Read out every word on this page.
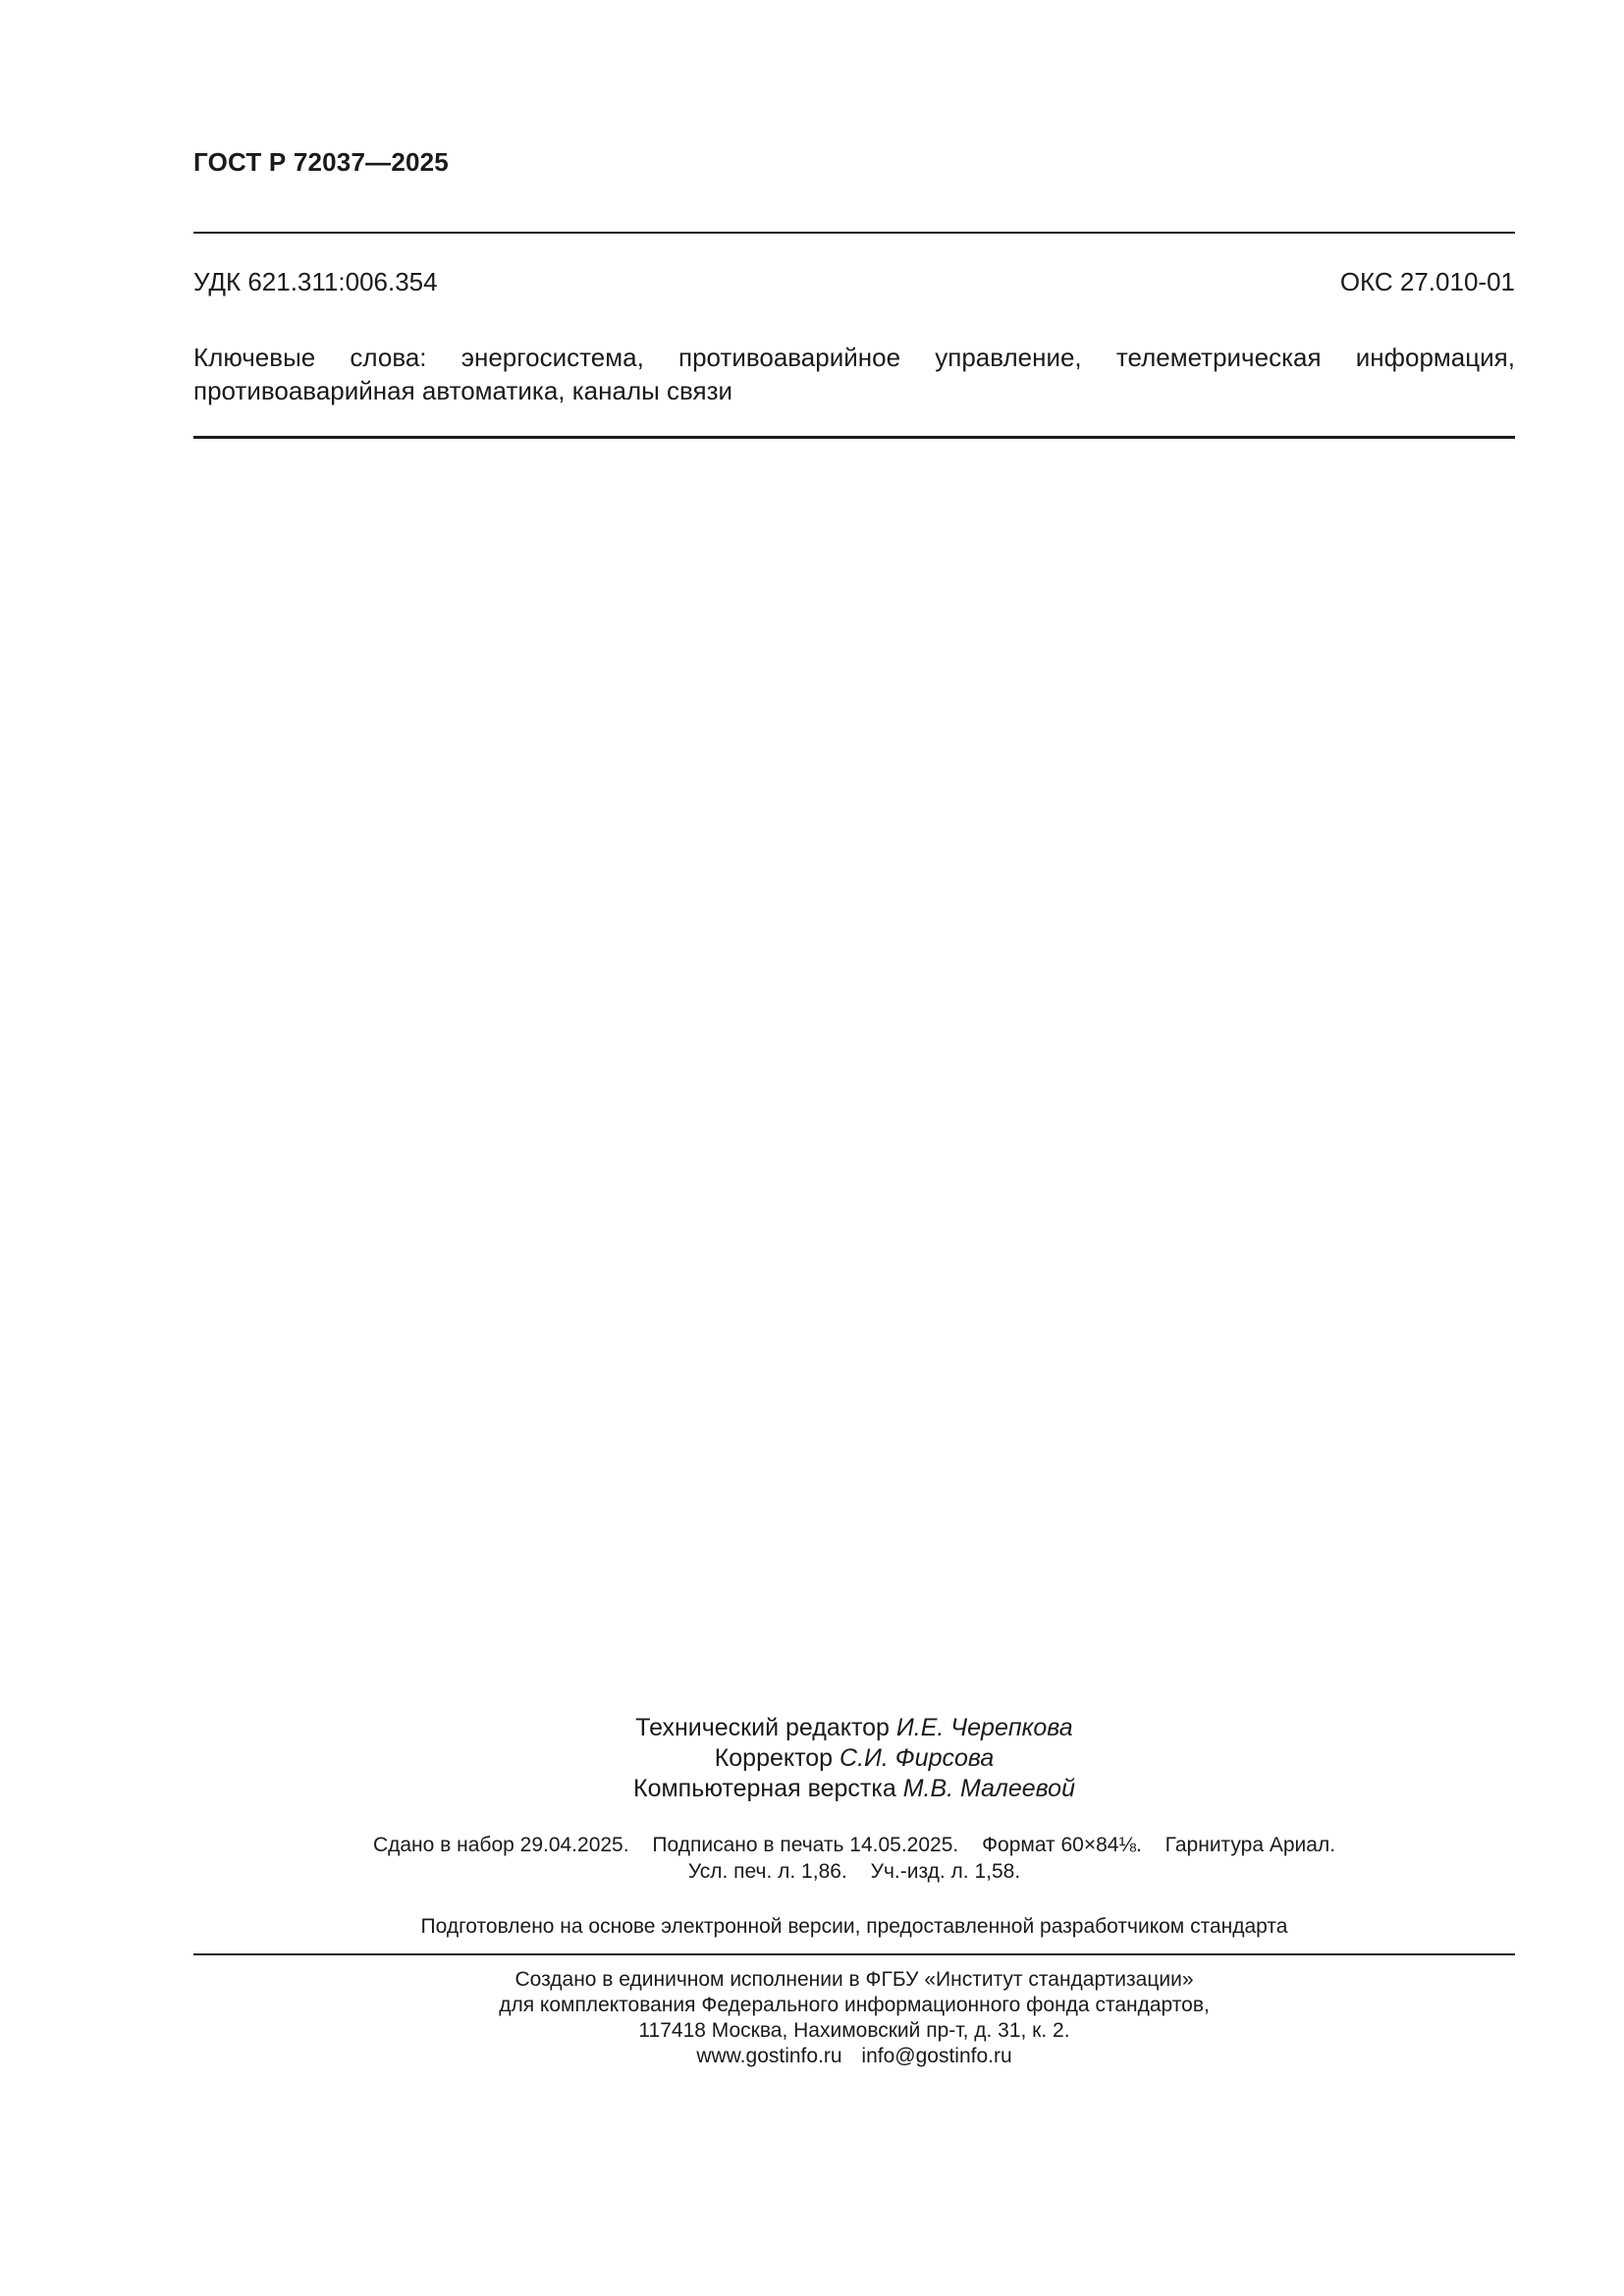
ГОСТ Р 72037—2025
УДК 621.311:006.354	ОКС 27.010-01
Ключевые слова: энергосистема, противоаварийное управление, телеметрическая информация, противоаварийная автоматика, каналы связи
Технический редактор И.Е. Черепкова
Корректор С.И. Фирсова
Компьютерная верстка М.В. Малеевой
Сдано в набор 29.04.2025. Подписано в печать 14.05.2025. Формат 60×84⅛. Гарнитура Ариал.
Усл. печ. л. 1,86. Уч.-изд. л. 1,58.
Подготовлено на основе электронной версии, предоставленной разработчиком стандарта
Создано в единичном исполнении в ФГБУ «Институт стандартизации»
для комплектования Федерального информационного фонда стандартов,
117418 Москва, Нахимовский пр-т, д. 31, к. 2.
www.gostinfo.ru info@gostinfo.ru
